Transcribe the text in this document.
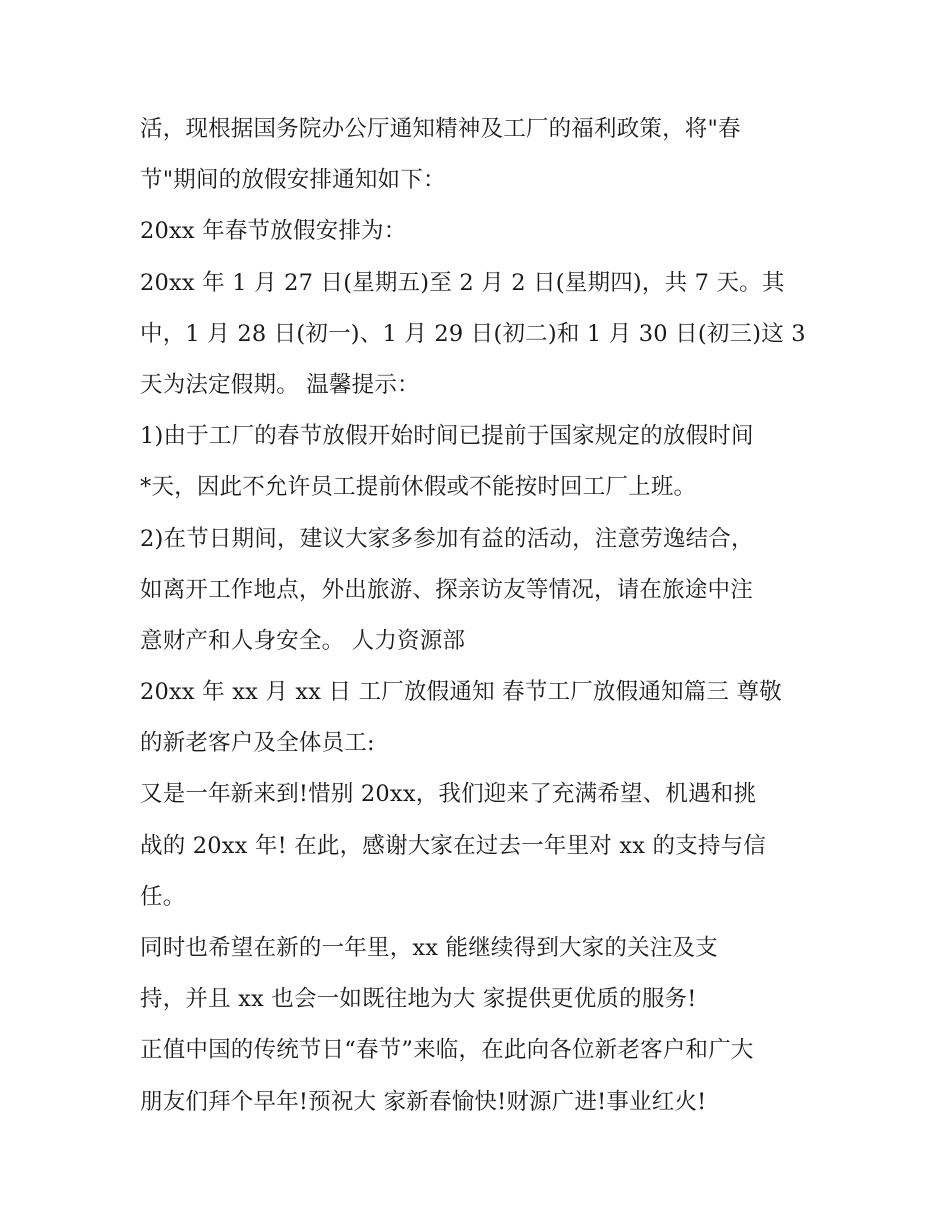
活，现根据国务院办公厅通知精神及工厂的福利政策，将"春
节"期间的放假安排通知如下：
20xx 年春节放假安排为：
20xx 年 1 月 27 日(星期五)至 2 月 2 日(星期四)，共 7 天。其
中，1 月 28 日(初一)、1 月 29 日(初二)和 1 月 30 日(初三)这 3
天为法定假期。 温馨提示：
1)由于工厂的春节放假开始时间已提前于国家规定的放假时间
*天，因此不允许员工提前休假或不能按时回工厂上班。
2)在节日期间，建议大家多参加有益的活动，注意劳逸结合，
如离开工作地点，外出旅游、探亲访友等情况，请在旅途中注
意财产和人身安全。 人力资源部
20xx 年 xx 月 xx 日 工厂放假通知 春节工厂放假通知篇三 尊敬
的新老客户及全体员工:
又是一年新来到!惜别 20xx，我们迎来了充满希望、机遇和挑
战的 20xx 年! 在此，感谢大家在过去一年里对 xx 的支持与信
任。
同时也希望在新的一年里，xx 能继续得到大家的关注及支
持，并且 xx 也会一如既往地为大 家提供更优质的服务!
正值中国的传统节日“春节”来临，在此向各位新老客户和广大
朋友们拜个早年!预祝大 家新春愉快!财源广进!事业红火!
